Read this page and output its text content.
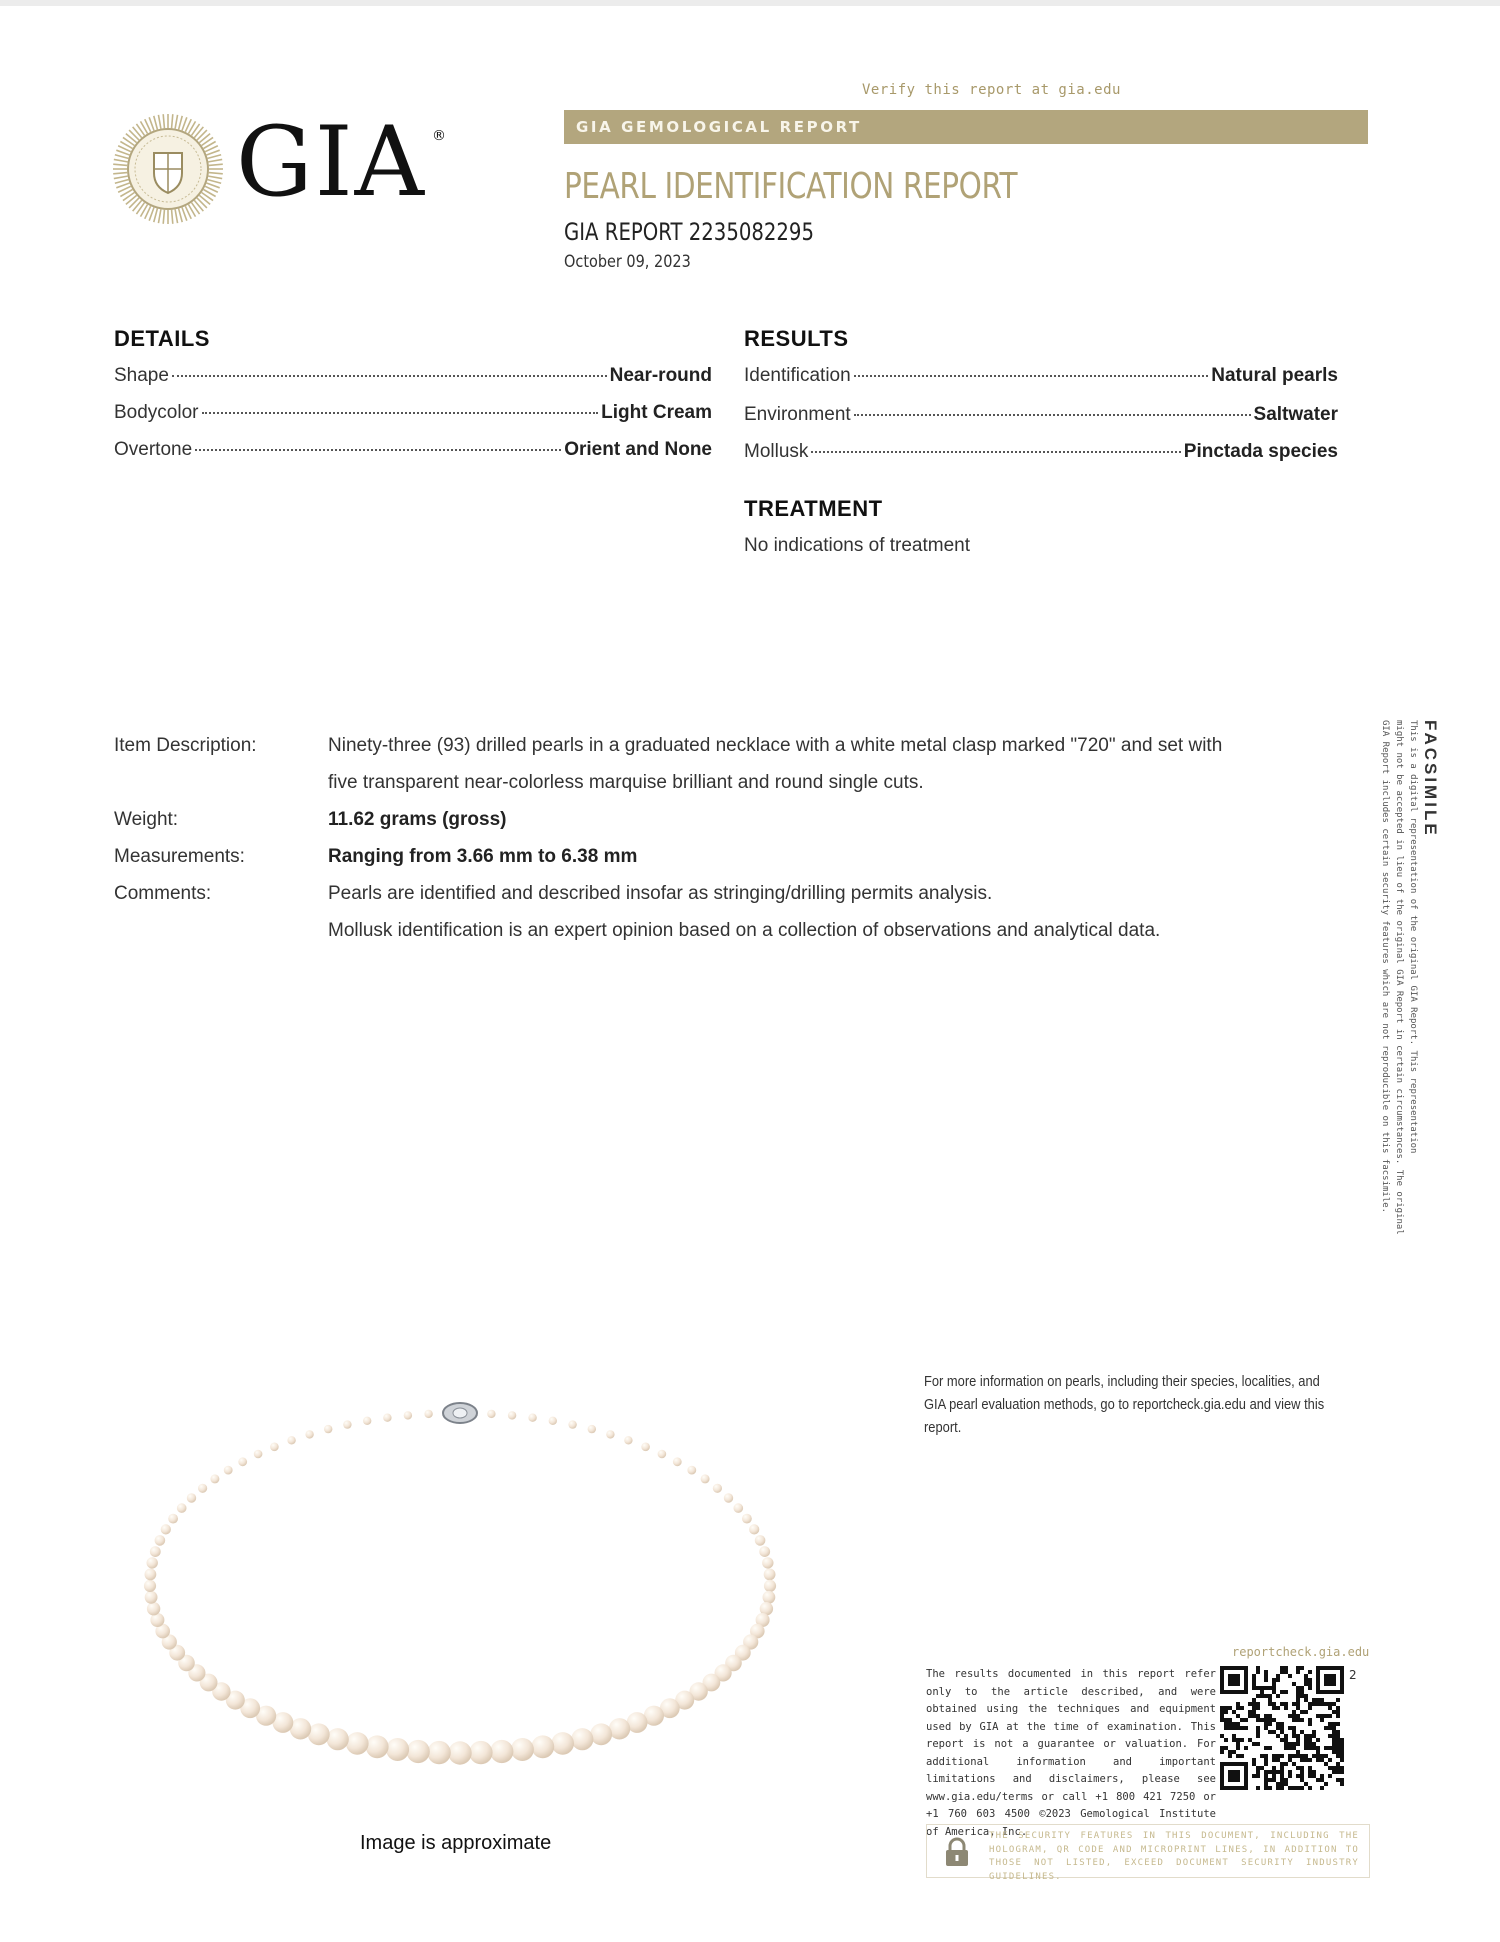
GIA ®
Verify this report at gia.edu
GIA GEMOLOGICAL REPORT
PEARL IDENTIFICATION REPORT
GIA REPORT 2235082295
October 09, 2023
DETAILS
Shape	Near-round
Bodycolor	Light Cream
Overtone	Orient and None
RESULTS
Identification	Natural pearls
Environment	Saltwater
Mollusk	Pinctada species
TREATMENT
No indications of treatment
Item Description:	Ninety-three (93) drilled pearls in a graduated necklace with a white metal clasp marked "720" and set with
five transparent near-colorless marquise brilliant and round single cuts.
Weight:	11.62 grams (gross)
Measurements:	Ranging from 3.66 mm to 6.38 mm
Comments:	Pearls are identified and described insofar as stringing/drilling permits analysis.
Mollusk identification is an expert opinion based on a collection of observations and analytical data.
FACSIMILE
This is a digital representation of the original GIA Report. This representation
might not be accepted in lieu of the original GIA Report in certain circumstances. The original
GIA Report includes certain security features which are not reproducible on this facsimile.
Image is approximate
For more information on pearls, including their species, localities, and GIA pearl evaluation methods, go to reportcheck.gia.edu and view this report.
reportcheck.gia.edu
The results documented in this report refer only to the article described, and were obtained using the techniques and equipment used by GIA at the time of examination. This report is not a guarantee or valuation. For additional information and important limitations and disclaimers, please see www.gia.edu/terms or call +1 800 421 7250 or +1 760 603 4500 ©2023 Gemological Institute of America, Inc.
2
THE SECURITY FEATURES IN THIS DOCUMENT, INCLUDING THE HOLOGRAM, QR CODE AND MICROPRINT LINES, IN ADDITION TO THOSE NOT LISTED, EXCEED DOCUMENT SECURITY INDUSTRY GUIDELINES.
